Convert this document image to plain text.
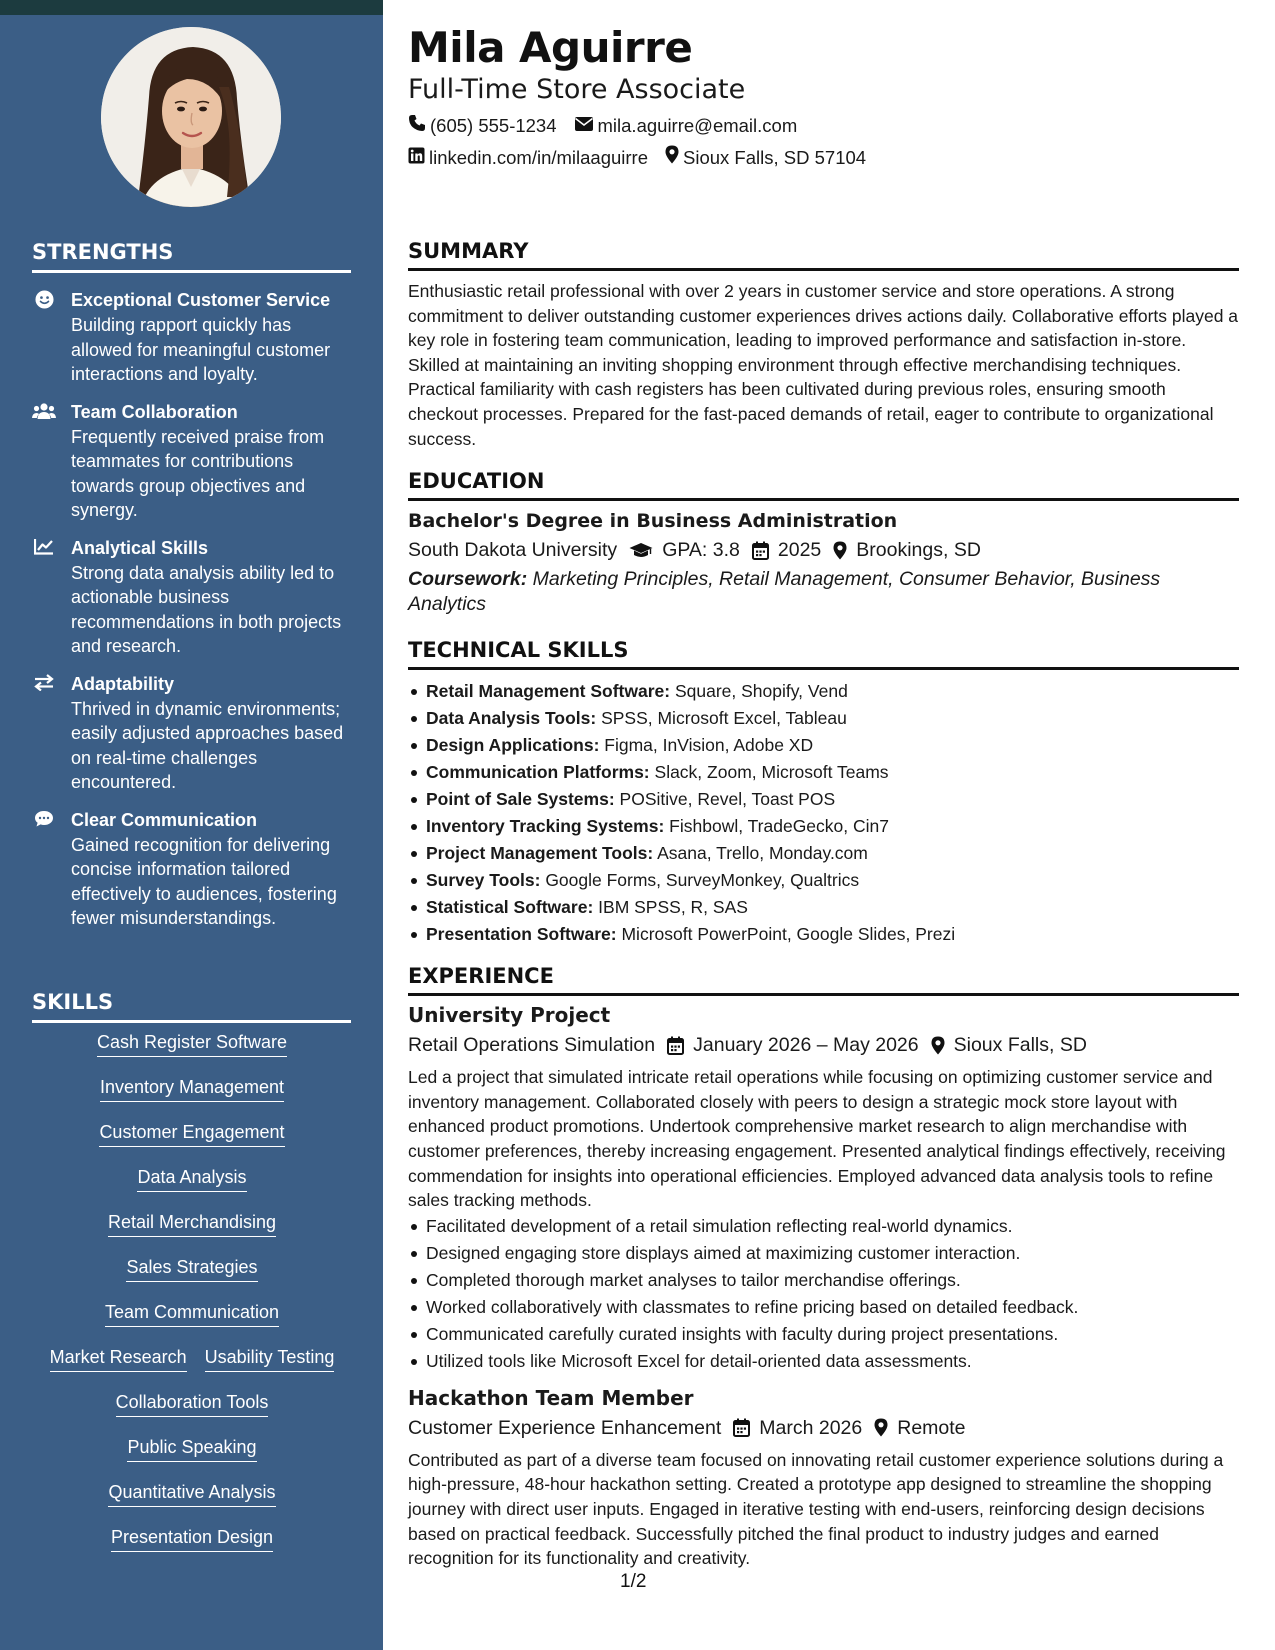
STRENGTHS
Exceptional Customer Service
Building rapport quickly has allowed for meaningful customer interactions and loyalty.
Team Collaboration
Frequently received praise from teammates for contributions towards group objectives and synergy.
Analytical Skills
Strong data analysis ability led to actionable business recommendations in both projects and research.
Adaptability
Thrived in dynamic environments; easily adjusted approaches based on real-time challenges encountered.
Clear Communication
Gained recognition for delivering concise information tailored effectively to audiences, fostering fewer misunderstandings.
SKILLS
Cash Register Software
Inventory Management
Customer Engagement
Data Analysis
Retail Merchandising
Sales Strategies
Team Communication
Market Research Usability Testing
Collaboration Tools
Public Speaking
Quantitative Analysis
Presentation Design
Mila Aguirre
Full-Time Store Associate
(605) 555-1234 mila.aguirre@email.com
linkedin.com/in/milaaguirre Sioux Falls, SD 57104
SUMMARY

Enthusiastic retail professional with over 2 years in customer service and store operations. A strong commitment to deliver outstanding customer experiences drives actions daily. Collaborative efforts played a key role in fostering team communication, leading to improved performance and satisfaction in-store. Skilled at maintaining an inviting shopping environment through effective merchandising techniques. Practical familiarity with cash registers has been cultivated during previous roles, ensuring smooth checkout processes. Prepared for the fast-paced demands of retail, eager to contribute to organizational success.

EDUCATION
Bachelor's Degree in Business Administration
South Dakota University GPA: 3.8 2025 Brookings, SD

Coursework: Marketing Principles, Retail Management, Consumer Behavior, Business Analytics

TECHNICAL SKILLS
Retail Management Software: Square, Shopify, Vend
Data Analysis Tools: SPSS, Microsoft Excel, Tableau
Design Applications: Figma, InVision, Adobe XD
Communication Platforms: Slack, Zoom, Microsoft Teams
Point of Sale Systems: POSitive, Revel, Toast POS
Inventory Tracking Systems: Fishbowl, TradeGecko, Cin7
Project Management Tools: Asana, Trello, Monday.com
Survey Tools: Google Forms, SurveyMonkey, Qualtrics
Statistical Software: IBM SPSS, R, SAS
Presentation Software: Microsoft PowerPoint, Google Slides, Prezi
EXPERIENCE
University Project
Retail Operations Simulation January 2026 – May 2026 Sioux Falls, SD

Led a project that simulated intricate retail operations while focusing on optimizing customer service and inventory management. Collaborated closely with peers to design a strategic mock store layout with enhanced product promotions. Undertook comprehensive market research to align merchandise with customer preferences, thereby increasing engagement. Presented analytical findings effectively, receiving commendation for insights into operational efficiencies. Employed advanced data analysis tools to refine sales tracking methods.

Facilitated development of a retail simulation reflecting real-world dynamics.
Designed engaging store displays aimed at maximizing customer interaction.
Completed thorough market analyses to tailor merchandise offerings.
Worked collaboratively with classmates to refine pricing based on detailed feedback.
Communicated carefully curated insights with faculty during project presentations.
Utilized tools like Microsoft Excel for detail-oriented data assessments.
Hackathon Team Member
Customer Experience Enhancement March 2026 Remote

Contributed as part of a diverse team focused on innovating retail customer experience solutions during a high-pressure, 48-hour hackathon setting. Created a prototype app designed to streamline the shopping journey with direct user inputs. Engaged in iterative testing with end-users, reinforcing design decisions based on practical feedback. Successfully pitched the final product to industry judges and earned recognition for its functionality and creativity.

1/2
